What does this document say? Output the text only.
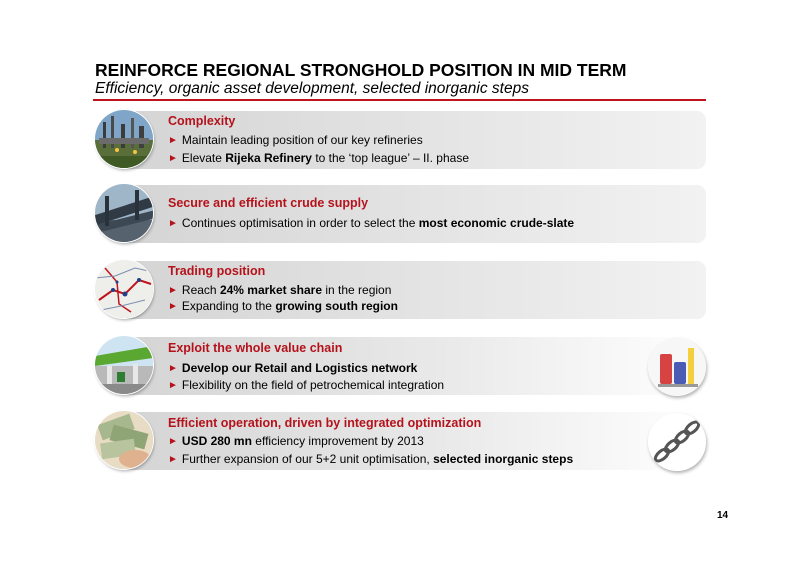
REINFORCE REGIONAL STRONGHOLD POSITION IN MID TERM
Efficiency, organic asset development, selected inorganic steps
Complexity
► Maintain leading position of our key refineries
► Elevate Rijeka Refinery to the ‘top league’ – II. phase
Secure and efficient crude supply
► Continues optimisation in order to select the most economic crude-slate
Trading position
► Reach 24% market share in the region
► Expanding to the growing south region
Exploit the whole value chain
► Develop our Retail and Logistics network
► Flexibility on the field of petrochemical integration
Efficient operation, driven by integrated optimization
► USD 280 mn efficiency improvement by 2013
► Further expansion of our 5+2 unit optimisation, selected inorganic steps
14
